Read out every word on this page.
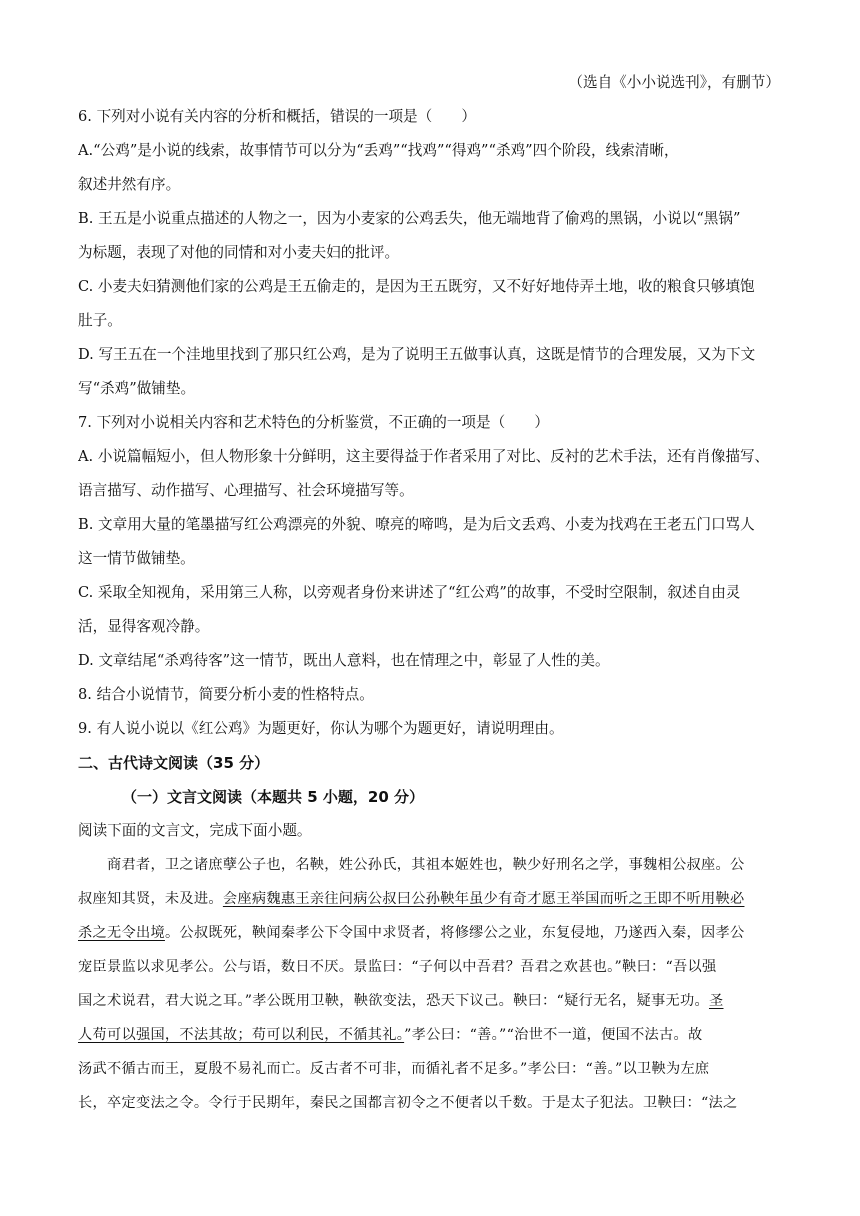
（选自《小小说选刊》，有删节）
6. 下列对小说有关内容的分析和概括，错误的一项是（　　）
A.“公鸡”是小说的线索，故事情节可以分为“丢鸡”“找鸡”“得鸡”“杀鸡”四个阶段，线索清晰，
叙述井然有序。
B. 王五是小说重点描述的人物之一，因为小麦家的公鸡丢失，他无端地背了偷鸡的黑锅，小说以“黑锅”
为标题，表现了对他的同情和对小麦夫妇的批评。
C. 小麦夫妇猜测他们家的公鸡是王五偷走的，是因为王五既穷，又不好好地侍弄土地，收的粮食只够填饱
肚子。
D. 写王五在一个洼地里找到了那只红公鸡，是为了说明王五做事认真，这既是情节的合理发展，又为下文
写“杀鸡”做铺垫。
7. 下列对小说相关内容和艺术特色的分析鉴赏，不正确的一项是（　　）
A. 小说篇幅短小，但人物形象十分鲜明，这主要得益于作者采用了对比、反衬的艺术手法，还有肖像描写、
语言描写、动作描写、心理描写、社会环境描写等。
B. 文章用大量的笔墨描写红公鸡漂亮的外貌、嘹亮的啼鸣，是为后文丢鸡、小麦为找鸡在王老五门口骂人
这一情节做铺垫。
C. 采取全知视角，采用第三人称，以旁观者身份来讲述了“红公鸡”的故事，不受时空限制，叙述自由灵
活，显得客观冷静。
D. 文章结尾“杀鸡待客”这一情节，既出人意料，也在情理之中，彰显了人性的美。
8. 结合小说情节，简要分析小麦的性格特点。
9. 有人说小说以《红公鸡》为题更好，你认为哪个为题更好，请说明理由。
二、古代诗文阅读（35 分）
（一）文言文阅读（本题共 5 小题，20 分）
阅读下面的文言文，完成下面小题。
　　商君者，卫之诸庶孽公子也，名鞅，姓公孙氏，其祖本姬姓也，鞅少好刑名之学，事魏相公叔座。公
叔座知其贤，未及进。会座病魏惠王亲往问病公叔曰公孙鞅年虽少有奇才愿王举国而听之王即不听用鞅必
杀之无令出境。公叔既死，鞅闻秦孝公下令国中求贤者，将修缪公之业，东复侵地，乃遂西入秦，因孝公
宠臣景监以求见孝公。公与语，数日不厌。景监曰：“子何以中吾君？吾君之欢甚也。”鞅曰：“吾以强
国之术说君，君大说之耳。”孝公既用卫鞅，鞅欲变法，恐天下议己。鞅曰：“疑行无名，疑事无功。圣
人苟可以强国，不法其故；苟可以利民，不循其礼。”孝公曰：“善。”“治世不一道，便国不法古。故
汤武不循古而王，夏殷不易礼而亡。反古者不可非，而循礼者不足多。”孝公曰：“善。”以卫鞅为左庶
长，卒定变法之令。令行于民期年，秦民之国都言初令之不便者以千数。于是太子犯法。卫鞅曰：“法之
